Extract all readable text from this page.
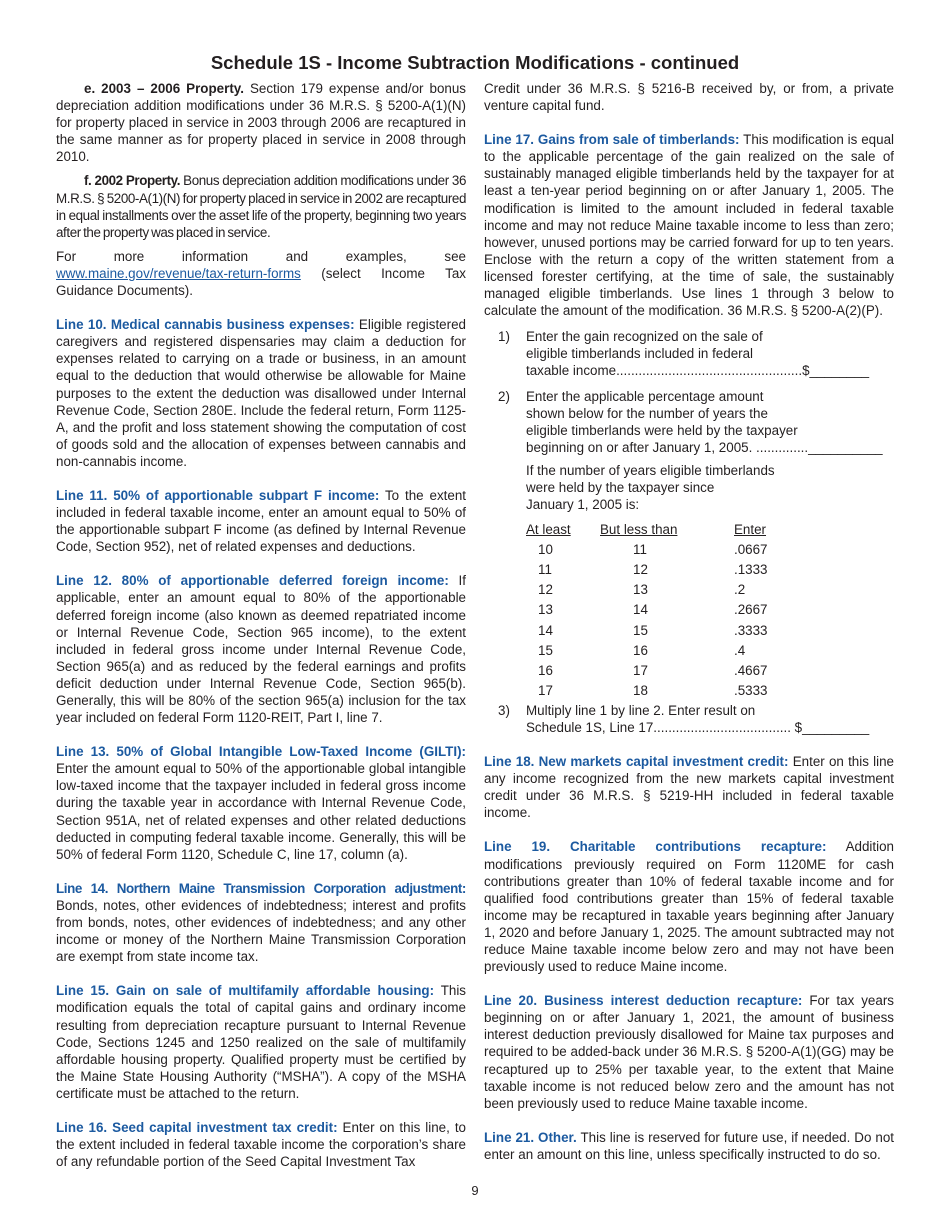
Schedule 1S - Income Subtraction Modifications - continued

e. 2003 – 2006 Property. Section 179 expense and/or bonus depreciation addition modifications under 36 M.R.S. § 5200-A(1)(N) for property placed in service in 2003 through 2006 are recaptured in the same manner as for property placed in service in 2008 through 2010.

f. 2002 Property. Bonus depreciation addition modifications under 36 M.R.S. § 5200-A(1)(N) for property placed in service in 2002 are recaptured in equal installments over the asset life of the property, beginning two years after the property was placed in service.

For more information and examples, see www.maine.gov/revenue/tax-return-forms (select Income Tax Guidance Documents).

Line 10. Medical cannabis business expenses: Eligible registered caregivers and registered dispensaries may claim a deduction for expenses related to carrying on a trade or business, in an amount equal to the deduction that would otherwise be allowable for Maine purposes to the extent the deduction was disallowed under Internal Revenue Code, Section 280E. Include the federal return, Form 1125-A, and the profit and loss statement showing the computation of cost of goods sold and the allocation of expenses between cannabis and non-cannabis income.

Line 11. 50% of apportionable subpart F income: To the extent included in federal taxable income, enter an amount equal to 50% of the apportionable subpart F income (as defined by Internal Revenue Code, Section 952), net of related expenses and deductions.

Line 12. 80% of apportionable deferred foreign income: If applicable, enter an amount equal to 80% of the apportionable deferred foreign income (also known as deemed repatriated income or Internal Revenue Code, Section 965 income), to the extent included in federal gross income under Internal Revenue Code, Section 965(a) and as reduced by the federal earnings and profits deficit deduction under Internal Revenue Code, Section 965(b). Generally, this will be 80% of the section 965(a) inclusion for the tax year included on federal Form 1120-REIT, Part I, line 7.

Line 13. 50% of Global Intangible Low-Taxed Income (GILTI): Enter the amount equal to 50% of the apportionable global intangible low-taxed income that the taxpayer included in federal gross income during the taxable year in accordance with Internal Revenue Code, Section 951A, net of related expenses and other related deductions deducted in computing federal taxable income. Generally, this will be 50% of federal Form 1120, Schedule C, line 17, column (a).

Line 14. Northern Maine Transmission Corporation adjustment: Bonds, notes, other evidences of indebtedness; interest and profits from bonds, notes, other evidences of indebtedness; and any other income or money of the Northern Maine Transmission Corporation are exempt from state income tax.

Line 15. Gain on sale of multifamily affordable housing: This modification equals the total of capital gains and ordinary income resulting from depreciation recapture pursuant to Internal Revenue Code, Sections 1245 and 1250 realized on the sale of multifamily affordable housing property. Qualified property must be certified by the Maine State Housing Authority (“MSHA”). A copy of the MSHA certificate must be attached to the return.

Line 16. Seed capital investment tax credit: Enter on this line, to the extent included in federal taxable income the corporation’s share of any refundable portion of the Seed Capital Investment Tax

Credit under 36 M.R.S. § 5216-B received by, or from, a private venture capital fund.

Line 17. Gains from sale of timberlands: This modification is equal to the applicable percentage of the gain realized on the sale of sustainably managed eligible timberlands held by the taxpayer for at least a ten-year period beginning on or after January 1, 2005. The modification is limited to the amount included in federal taxable income and may not reduce Maine taxable income to less than zero; however, unused portions may be carried forward for up to ten years. Enclose with the return a copy of the written statement from a licensed forester certifying, at the time of sale, the sustainably managed eligible timberlands. Use lines 1 through 3 below to calculate the amount of the modification. 36 M.R.S. § 5200-A(2)(P).

1)	Enter the gain recognized on the sale of
eligible timberlands included in federal
taxable income..................................................$________
2)	Enter the applicable percentage amount
shown below for the number of years the
eligible timberlands were held by the taxpayer
beginning on or after January 1, 2005. ..............__________
If the number of years eligible timberlands
were held by the taxpayer since
January 1, 2005 is:
At least	But less than	Enter
10	11	.0667
11	12	.1333
12	13	.2
13	14	.2667
14	15	.3333
15	16	.4
16	17	.4667
17	18	.5333
3)	Multiply line 1 by line 2. Enter result on
Schedule 1S, Line 17..................................... $_________

Line 18. New markets capital investment credit: Enter on this line any income recognized from the new markets capital investment credit under 36 M.R.S. § 5219-HH included in federal taxable income.

Line 19. Charitable contributions recapture: Addition modifications previously required on Form 1120ME for cash contributions greater than 10% of federal taxable income and for qualified food contributions greater than 15% of federal taxable income may be recaptured in taxable years beginning after January 1, 2020 and before January 1, 2025. The amount subtracted may not reduce Maine taxable income below zero and may not have been previously used to reduce Maine income.

Line 20. Business interest deduction recapture: For tax years beginning on or after January 1, 2021, the amount of business interest deduction previously disallowed for Maine tax purposes and required to be added-back under 36 M.R.S. § 5200-A(1)(GG) may be recaptured up to 25% per taxable year, to the extent that Maine taxable income is not reduced below zero and the amount has not been previously used to reduce Maine taxable income.

Line 21. Other. This line is reserved for future use, if needed. Do not enter an amount on this line, unless specifically instructed to do so.

9
